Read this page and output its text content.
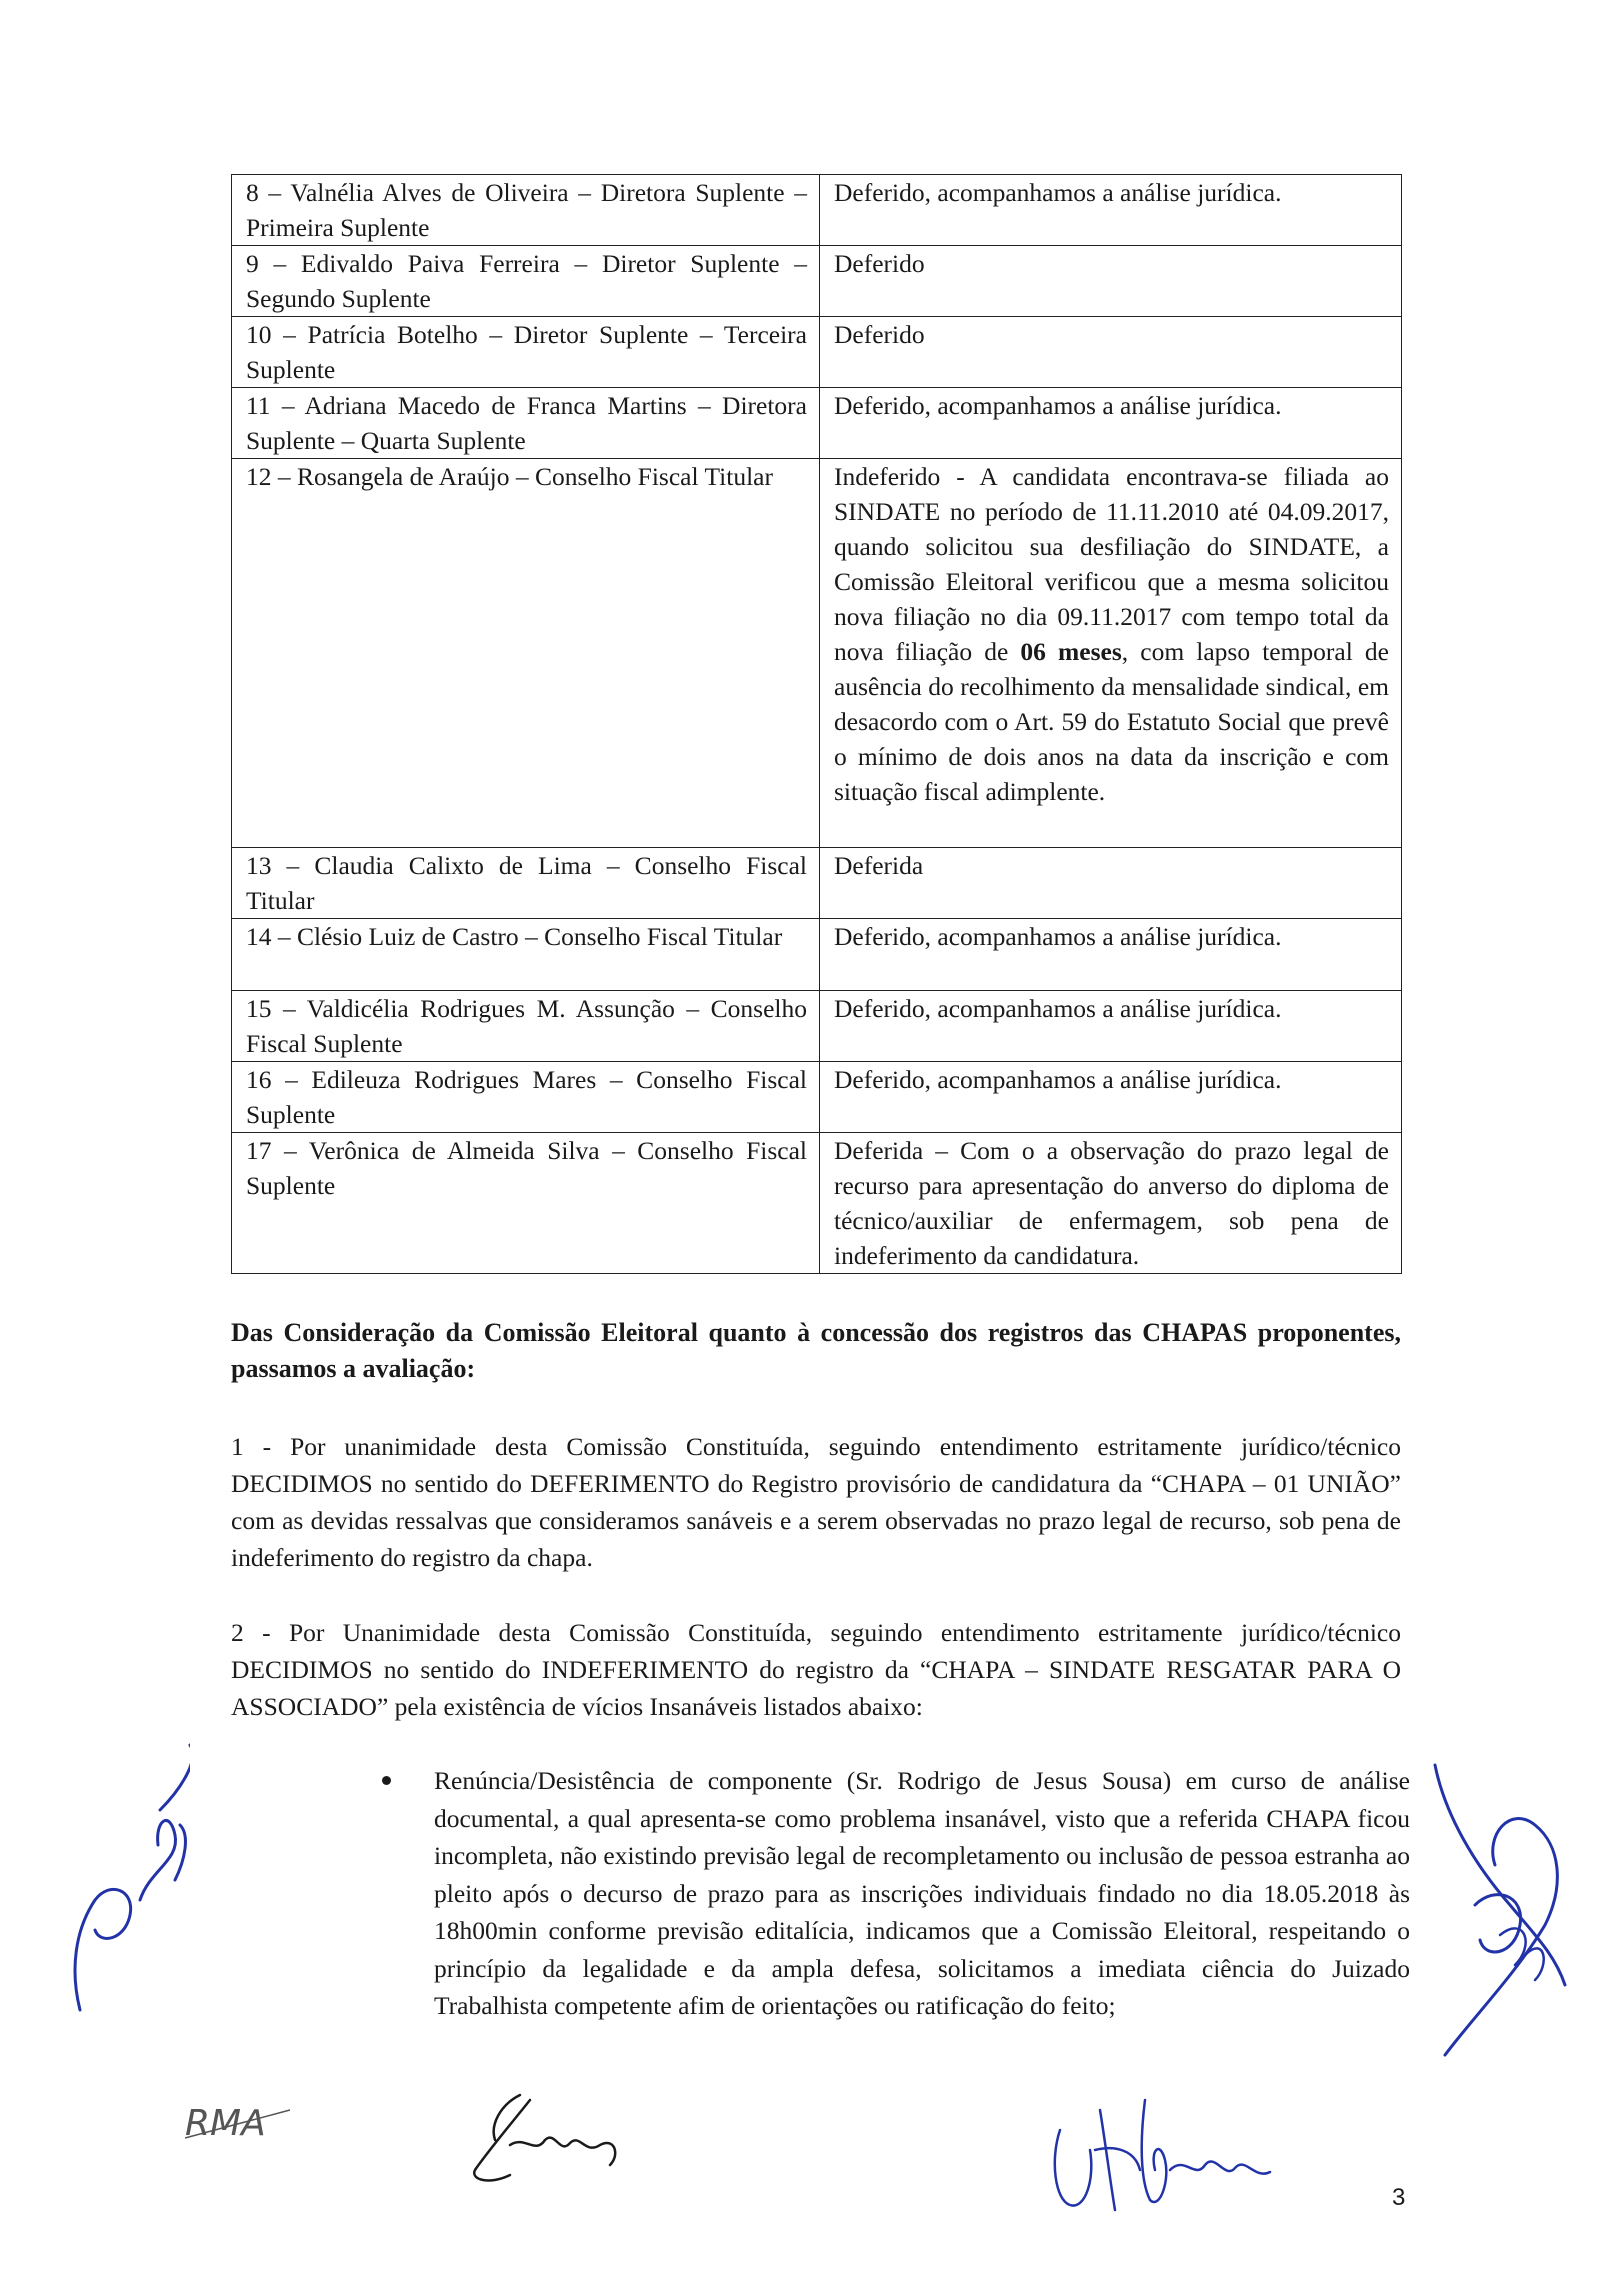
8 – Valnélia Alves de Oliveira – Diretora Suplente – Primeira Suplente	Deferido, acompanhamos a análise jurídica.
9 – Edivaldo Paiva Ferreira – Diretor Suplente – Segundo Suplente	Deferido
10 – Patrícia Botelho – Diretor Suplente – Terceira Suplente	Deferido
11 – Adriana Macedo de Franca Martins – Diretora Suplente – Quarta Suplente	Deferido, acompanhamos a análise jurídica.
12 – Rosangela de Araújo – Conselho Fiscal Titular	Indeferido - A candidata encontrava-se filiada ao SINDATE no período de 11.11.2010 até 04.09.2017, quando solicitou sua desfiliação do SINDATE, a Comissão Eleitoral verificou que a mesma solicitou nova filiação no dia 09.11.2017 com tempo total da nova filiação de 06 meses, com lapso temporal de ausência do recolhimento da mensalidade sindical, em desacordo com o Art. 59 do Estatuto Social que prevê o mínimo de dois anos na data da inscrição e com situação fiscal adimplente.
13 – Claudia Calixto de Lima – Conselho Fiscal Titular	Deferida
14 – Clésio Luiz de Castro – Conselho Fiscal Titular	Deferido, acompanhamos a análise jurídica.
15 – Valdicélia Rodrigues M. Assunção – Conselho Fiscal Suplente	Deferido, acompanhamos a análise jurídica.
16 – Edileuza Rodrigues Mares – Conselho Fiscal Suplente	Deferido, acompanhamos a análise jurídica.
17 – Verônica de Almeida Silva – Conselho Fiscal Suplente	Deferida – Com o a observação do prazo legal de recurso para apresentação do anverso do diploma de técnico/auxiliar de enfermagem, sob pena de indeferimento da candidatura.

Das Consideração da Comissão Eleitoral quanto à concessão dos registros das CHAPAS proponentes, passamos a avaliação:

1 - Por unanimidade desta Comissão Constituída, seguindo entendimento estritamente jurídico/técnico DECIDIMOS no sentido do DEFERIMENTO do Registro provisório de candidatura da “CHAPA – 01 UNIÃO” com as devidas ressalvas que consideramos sanáveis e a serem observadas no prazo legal de recurso, sob pena de indeferimento do registro da chapa.

2 - Por Unanimidade desta Comissão Constituída, seguindo entendimento estritamente jurídico/técnico DECIDIMOS no sentido do INDEFERIMENTO do registro da “CHAPA – SINDATE RESGATAR PARA O ASSOCIADO” pela existência de vícios Insanáveis listados abaixo:

Renúncia/Desistência de componente (Sr. Rodrigo de Jesus Sousa) em curso de análise documental, a qual apresenta-se como problema insanável, visto que a referida CHAPA ficou incompleta, não existindo previsão legal de recompletamento ou inclusão de pessoa estranha ao pleito após o decurso de prazo para as inscrições individuais findado no dia 18.05.2018 às 18h00min conforme previsão editalícia, indicamos que a Comissão Eleitoral, respeitando o princípio da legalidade e da ampla defesa, solicitamos a imediata ciência do Juizado Trabalhista competente afim de orientações ou ratificação do feito;

RMA
3
